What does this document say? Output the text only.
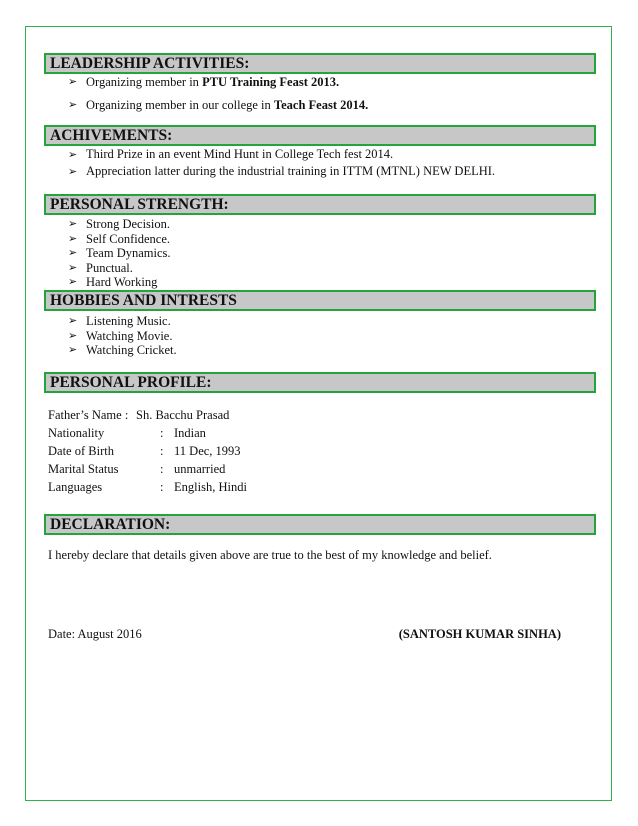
LEADERSHIP ACTIVITIES:
➢ Organizing member in PTU Training Feast 2013.
➢ Organizing member in our college in Teach Feast 2014.
ACHIVEMENTS:
➢ Third Prize in an event Mind Hunt in College Tech fest 2014.
➢ Appreciation latter during the industrial training in ITTM (MTNL) NEW DELHI.
PERSONAL STRENGTH:
➢ Strong Decision.
➢ Self Confidence.
➢ Team Dynamics.
➢ Punctual.
➢ Hard Working
HOBBIES AND INTRESTS
➢ Listening Music.
➢ Watching Movie.
➢ Watching Cricket.
PERSONAL PROFILE:
Father’s Name : Sh. Bacchu Prasad
Nationality	: Indian
Date of Birth	: 11 Dec, 1993
Marital Status	: unmarried
Languages	: English, Hindi
DECLARATION:
I hereby declare that details given above are true to the best of my knowledge and belief.
Date: August 2016	(SANTOSH KUMAR SINHA)
